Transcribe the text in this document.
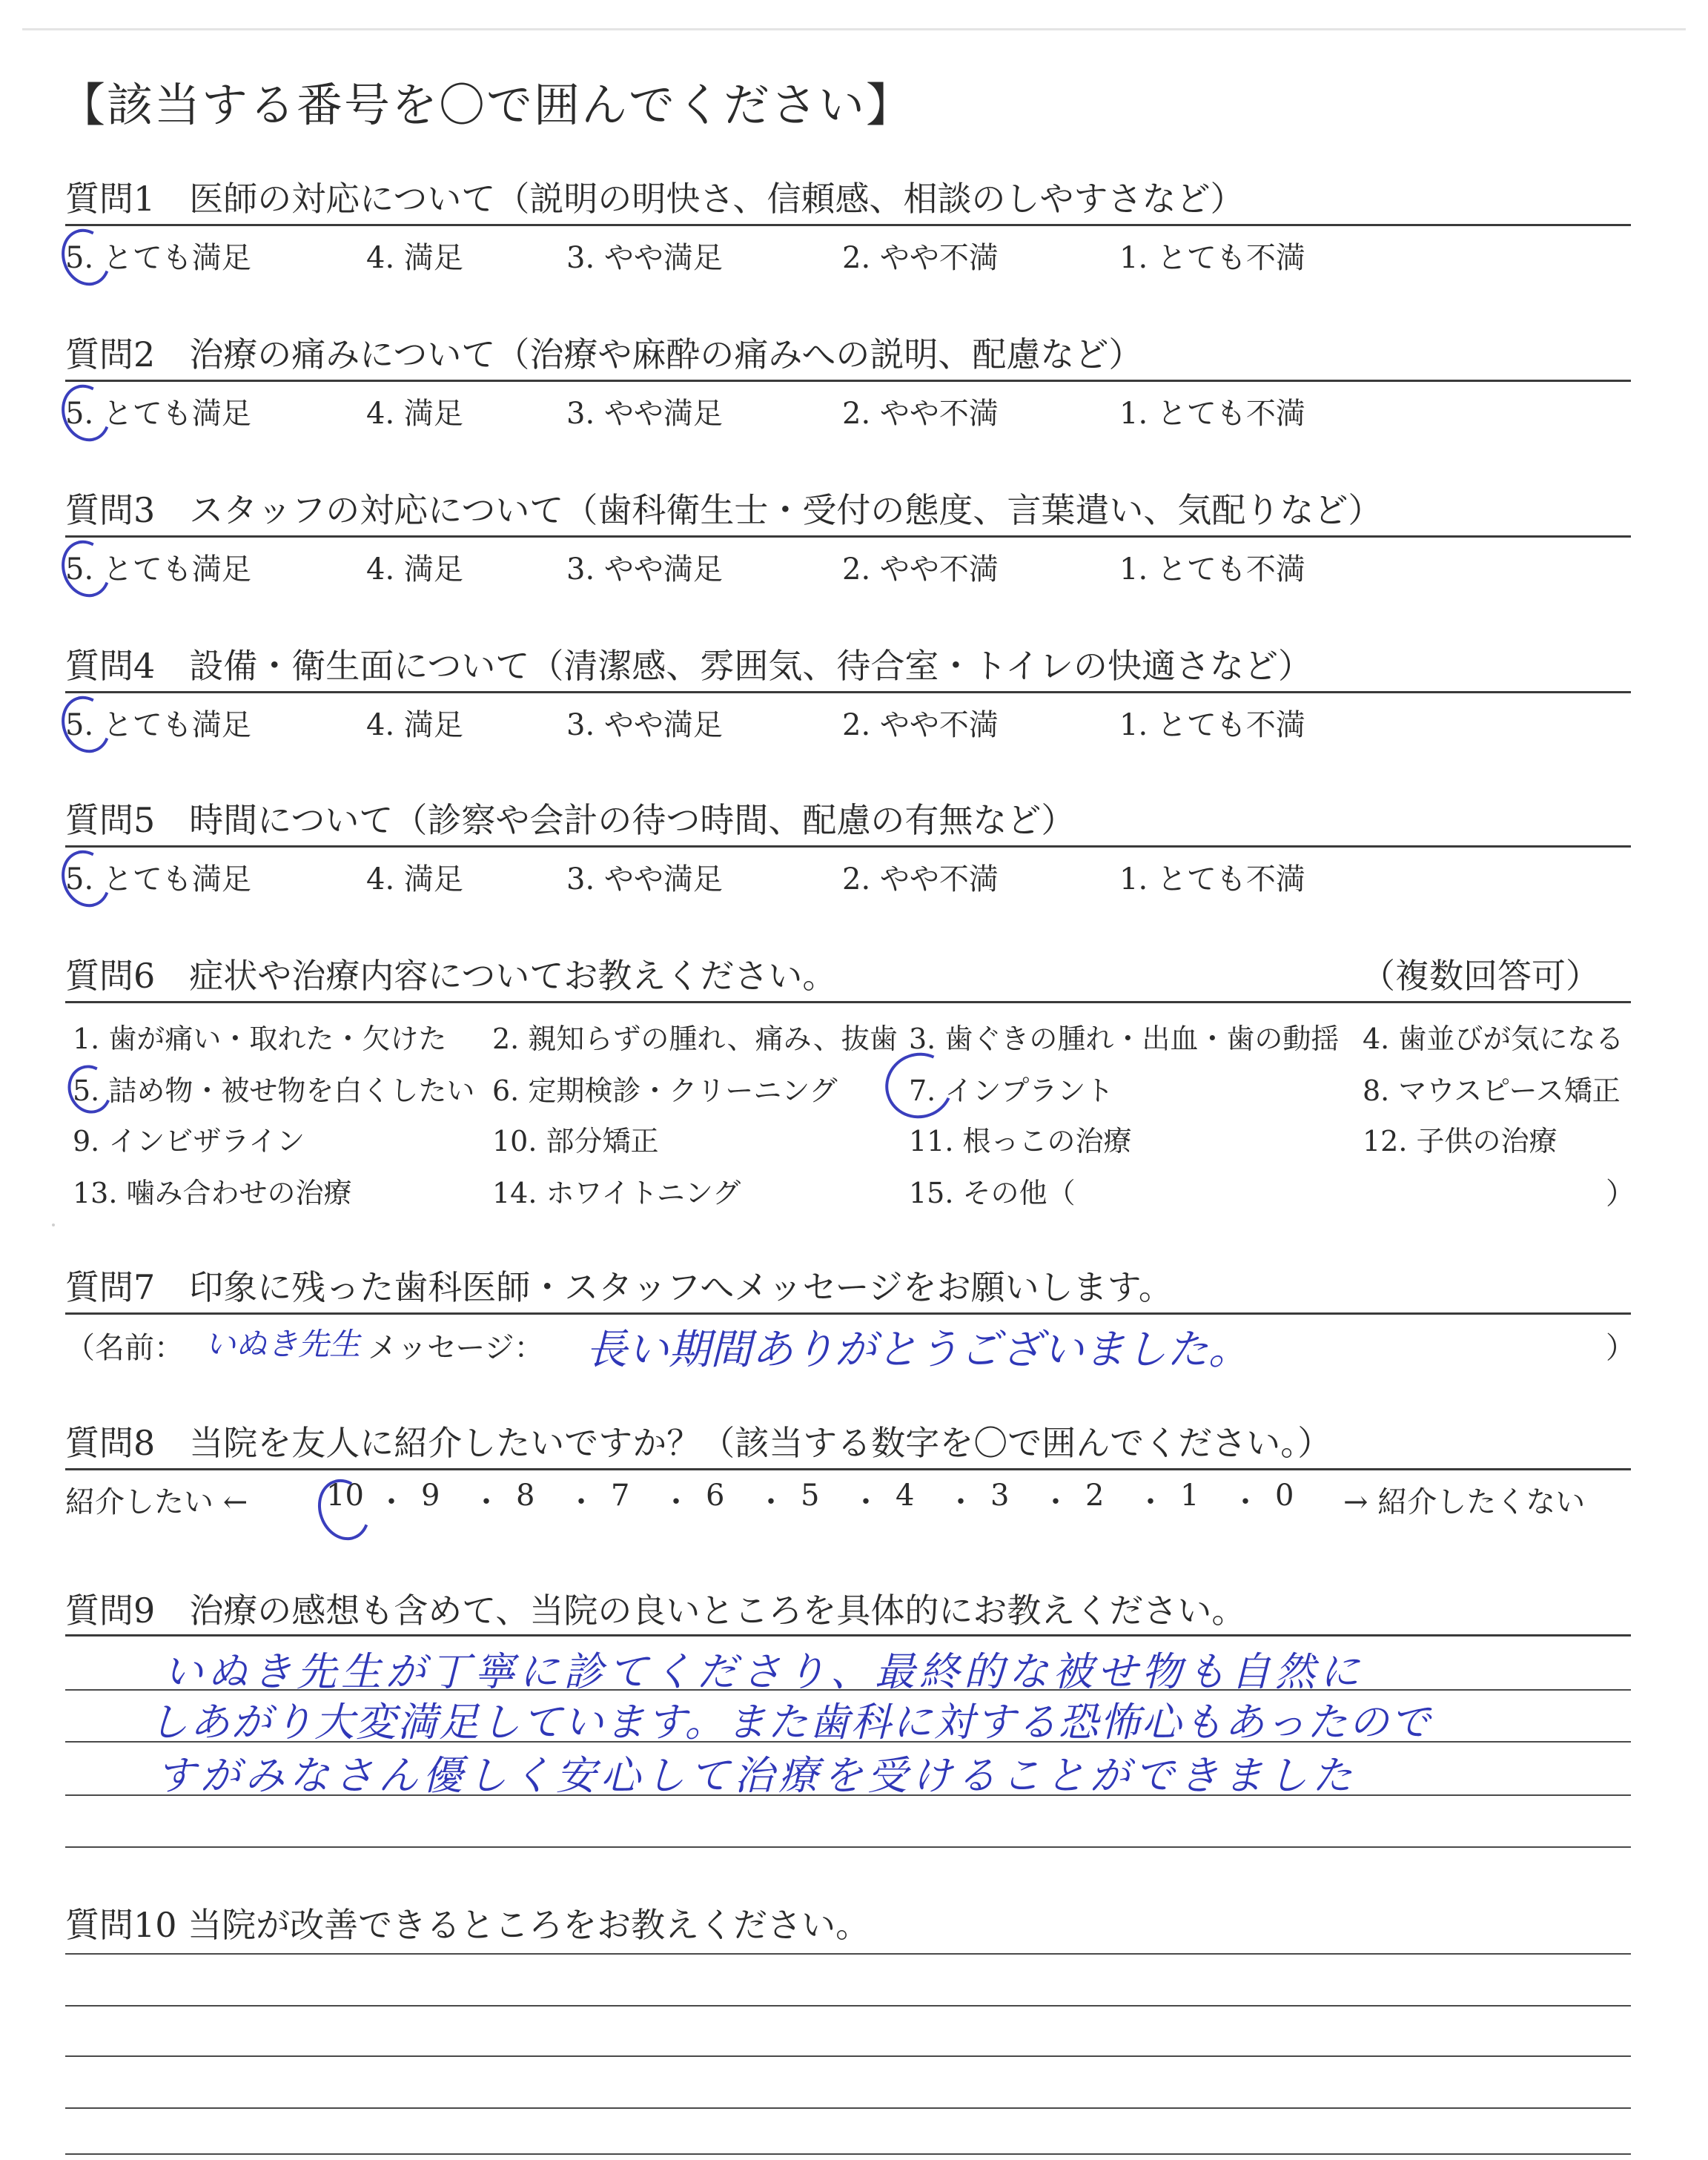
【該当する番号を〇で囲んでください】
質問1　医師の対応について（説明の明快さ、信頼感、相談のしやすさなど）
5. とても満足	4. 満足	3. やや満足	2. やや不満	1. とても不満
質問2　治療の痛みについて（治療や麻酔の痛みへの説明、配慮など）
5. とても満足	4. 満足	3. やや満足	2. やや不満	1. とても不満
質問3　スタッフの対応について（歯科衛生士・受付の態度、言葉遣い、気配りなど）
5. とても満足	4. 満足	3. やや満足	2. やや不満	1. とても不満
質問4　設備・衛生面について（清潔感、雰囲気、待合室・トイレの快適さなど）
5. とても満足	4. 満足	3. やや満足	2. やや不満	1. とても不満
質問5　時間について（診察や会計の待つ時間、配慮の有無など）
5. とても満足	4. 満足	3. やや満足	2. やや不満	1. とても不満
質問6　症状や治療内容についてお教えください。	（複数回答可）
1. 歯が痛い・取れた・欠けた 2. 親知らずの腫れ、痛み、抜歯 3. 歯ぐきの腫れ・出血・歯の動揺 4. 歯並びが気になる
5. 詰め物・被せ物を白くしたい 6. 定期検診・クリーニング	7. インプラント	8. マウスピース矯正
9. インビザライン	10. 部分矯正	11. 根っこの治療	12. 子供の治療
13. 噛み合わせの治療	14. ホワイトニング	15. その他（	）
質問7　印象に残った歯科医師・スタッフへメッセージをお願いします。
（名前： いぬき先生 メッセージ： 長い期間ありがとうございました。	）
質問8　当院を友人に紹介したいですか？（該当する数字を〇で囲んでください。）
紹介したい ←	10 ・ 9 ・ 8 ・ 7 ・ 6 ・ 5 ・ 4 ・ 3 ・ 2 ・ 1 ・ 0 → 紹介したくない
質問9　治療の感想も含めて、当院の良いところを具体的にお教えください。
いぬき先生が丁寧に診てくださり、最終的な被せ物も自然に
しあがり大変満足しています。また歯科に対する恐怖心もあったので
すがみなさん優しく安心して治療を受けることができました
質問10 当院が改善できるところをお教えください。
